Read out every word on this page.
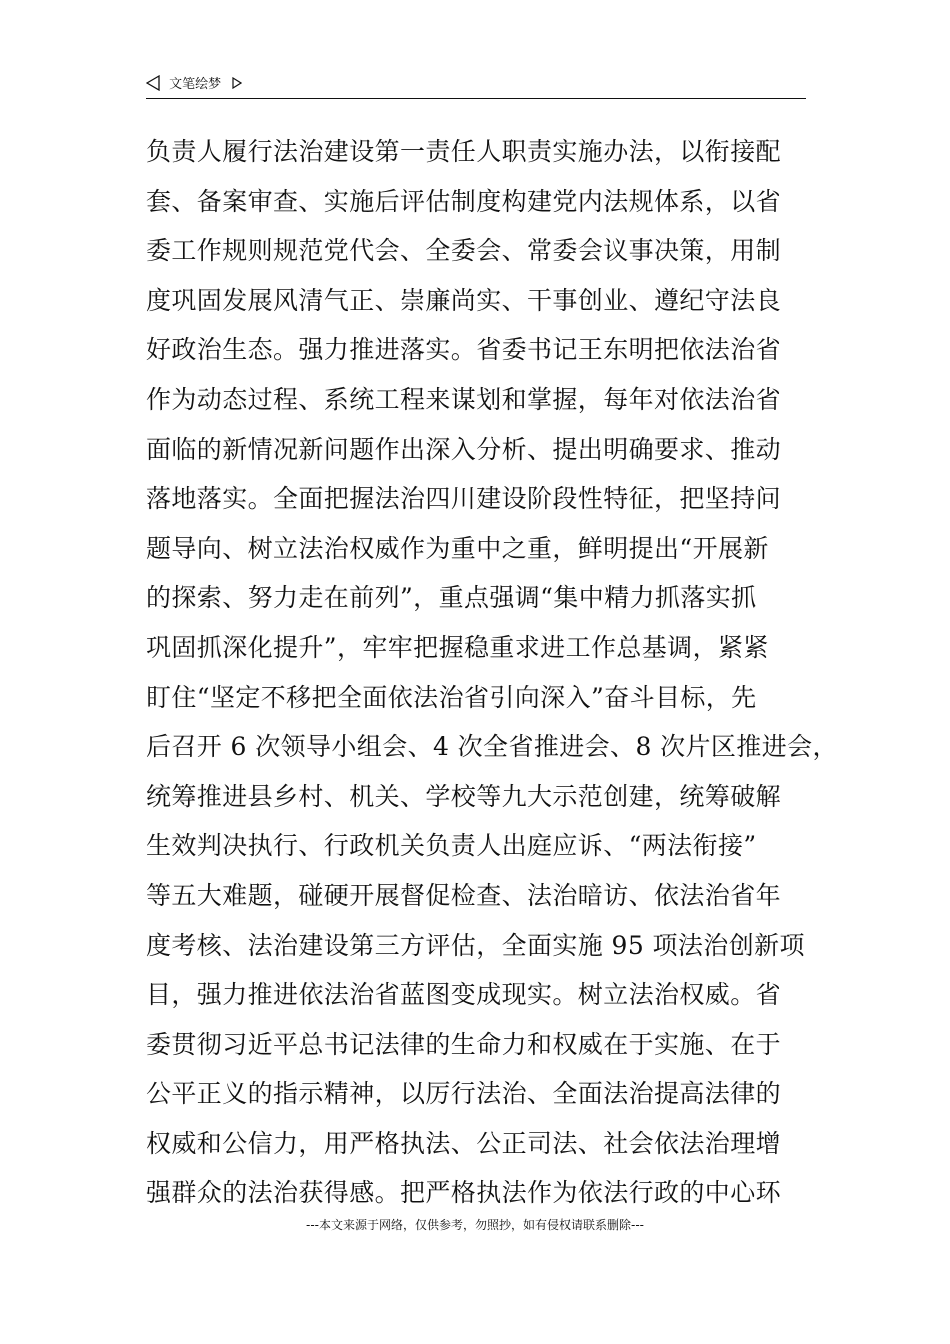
文笔绘梦
负责人履行法治建设第一责任人职责实施办法，以衔接配
套、备案审查、实施后评估制度构建党内法规体系，以省
委工作规则规范党代会、全委会、常委会议事决策，用制
度巩固发展风清气正、崇廉尚实、干事创业、遵纪守法良
好政治生态。强力推进落实。省委书记王东明把依法治省
作为动态过程、系统工程来谋划和掌握，每年对依法治省
面临的新情况新问题作出深入分析、提出明确要求、推动
落地落实。全面把握法治四川建设阶段性特征，把坚持问
题导向、树立法治权威作为重中之重，鲜明提出“开展新
的探索、努力走在前列”，重点强调“集中精力抓落实抓
巩固抓深化提升”，牢牢把握稳重求进工作总基调，紧紧
盯住“坚定不移把全面依法治省引向深入”奋斗目标，先
后召开 6 次领导小组会、4 次全省推进会、8 次片区推进会，
统筹推进县乡村、机关、学校等九大示范创建，统筹破解
生效判决执行、行政机关负责人出庭应诉、“两法衔接”
等五大难题，碰硬开展督促检查、法治暗访、依法治省年
度考核、法治建设第三方评估，全面实施 95 项法治创新项
目，强力推进依法治省蓝图变成现实。树立法治权威。省
委贯彻习近平总书记法律的生命力和权威在于实施、在于
公平正义的指示精神，以厉行法治、全面法治提高法律的
权威和公信力，用严格执法、公正司法、社会依法治理增
强群众的法治获得感。把严格执法作为依法行政的中心环
---本文来源于网络，仅供参考，勿照抄，如有侵权请联系删除---
